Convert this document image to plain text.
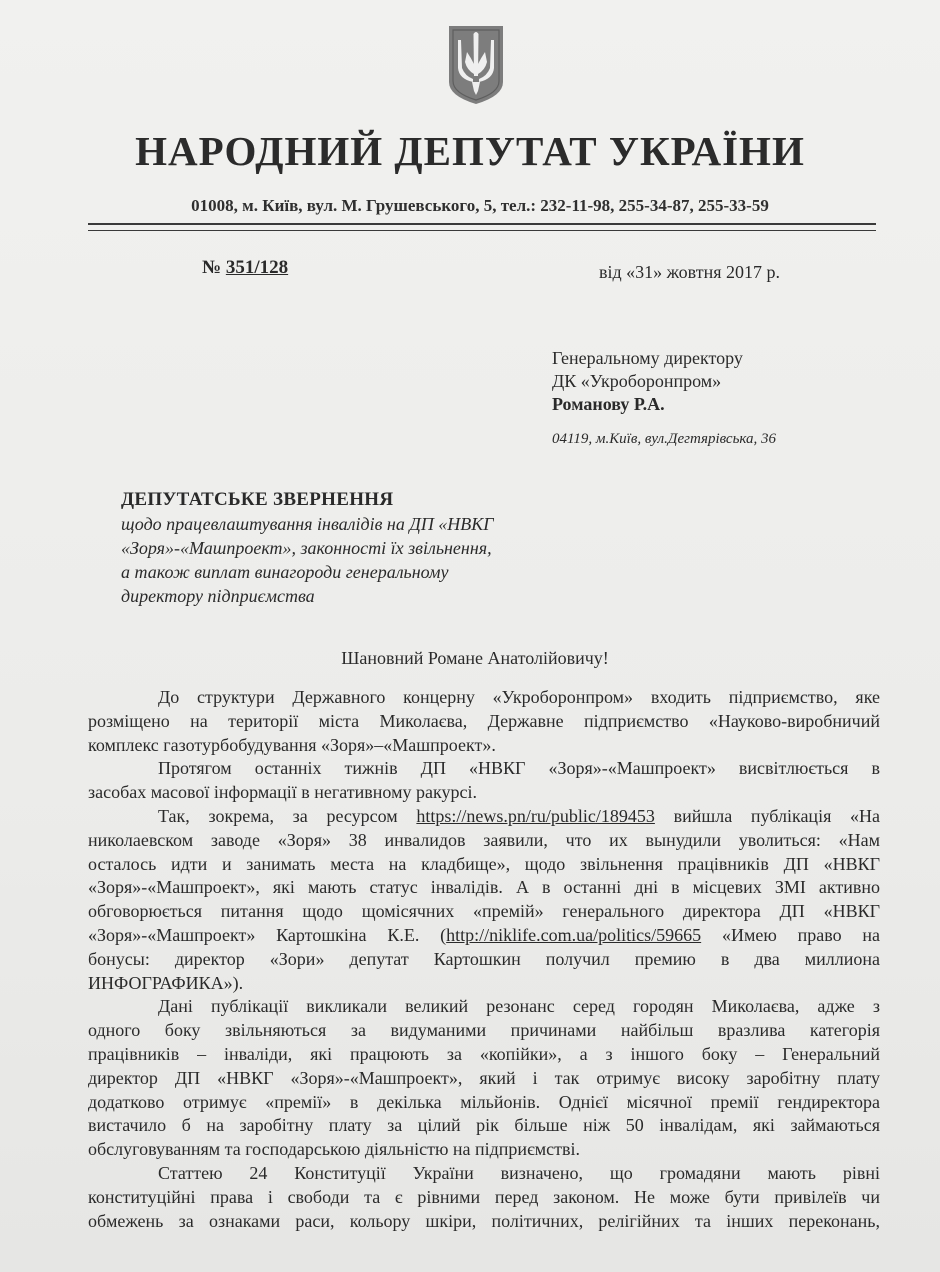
НАРОДНИЙ ДЕПУТАТ УКРАЇНИ
01008, м. Київ, вул. М. Грушевського, 5, тел.: 232-11-98, 255-34-87, 255-33-59
№ 351/128	від «31» жовтня 2017 р.
Генеральному директору
ДК «Укроборонпром»
Романову Р.А.
04119, м.Київ, вул.Дегтярівська, 36
ДЕПУТАТСЬКЕ ЗВЕРНЕННЯ
щодо працевлаштування інвалідів на ДП «НВКГ
«Зоря»-«Машпроект», законності їх звільнення,
а також виплат винагороди генеральному
директору підприємства
Шановний Романе Анатолійовичу!
До структури Державного концерну «Укроборонпром» входить підприємство, яке
розміщено на території міста Миколаєва, Державне підприємство «Науково-виробничий
комплекс газотурбобудування «Зоря»–«Машпроект».
Протягом останніх тижнів ДП «НВКГ «Зоря»-«Машпроект» висвітлюється в
засобах масової інформації в негативному ракурсі.
Так, зокрема, за ресурсом https://news.pn/ru/public/189453 вийшла публікація «На
николаевском заводе «Зоря» 38 инвалидов заявили, что их вынудили уволиться: «Нам
осталось идти и занимать места на кладбище», щодо звільнення працівників ДП «НВКГ
«Зоря»-«Машпроект», які мають статус інвалідів. А в останні дні в місцевих ЗМІ активно
обговорюється питання щодо щомісячних «премій» генерального директора ДП «НВКГ
«Зоря»-«Машпроект» Картошкіна К.Е. (http://niklife.com.ua/politics/59665 «Имею право на
бонусы: директор «Зори» депутат Картошкин получил премию в два миллиона
ИНФОГРАФИКА»).
Дані публікації викликали великий резонанс серед городян Миколаєва, адже з
одного боку звільняються за видуманими причинами найбільш вразлива категорія
працівників – інваліди, які працюють за «копійки», а з іншого боку – Генеральний
директор ДП «НВКГ «Зоря»-«Машпроект», який і так отримує високу заробітну плату
додатково отримує «премії» в декілька мільйонів. Однієї місячної премії гендиректора
вистачило б на заробітну плату за цілий рік більше ніж 50 інвалідам, які займаються
обслуговуванням та господарською діяльністю на підприємстві.
Статтею 24 Конституції України визначено, що громадяни мають рівні
конституційні права і свободи та є рівними перед законом. Не може бути привілеїв чи
обмежень за ознаками раси, кольору шкіри, політичних, релігійних та інших переконань,
